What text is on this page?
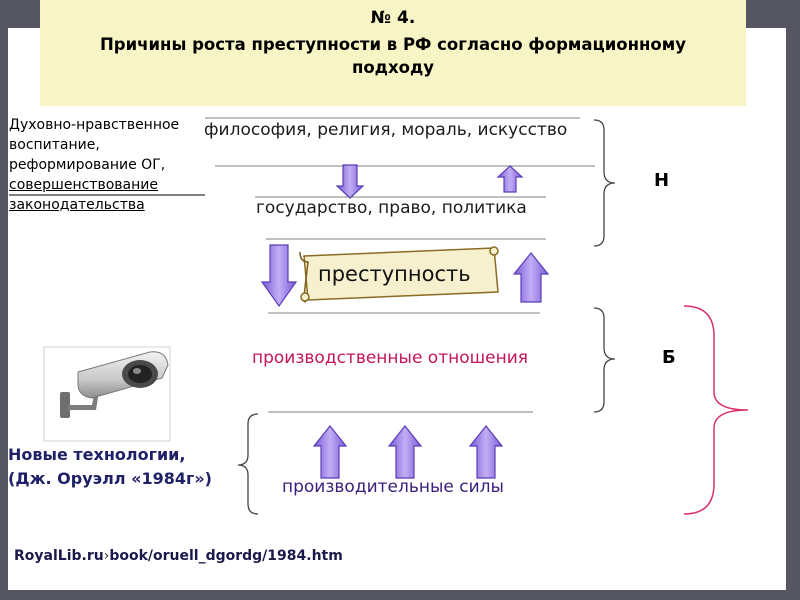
№ 4.
Причины роста преступности в РФ согласно формационному подходу
Духовно-нравственное
воспитание,
реформирование ОГ,
совершенствование
законодательства
философия, религия, мораль, искусство
государство, право, политика
производственные отношения
производительные силы
преступность
Н
Б
Новые технологии,
(Дж. Оруэлл «1984г»)
RoyalLib.ru›book/oruell_dgordg/1984.htm
